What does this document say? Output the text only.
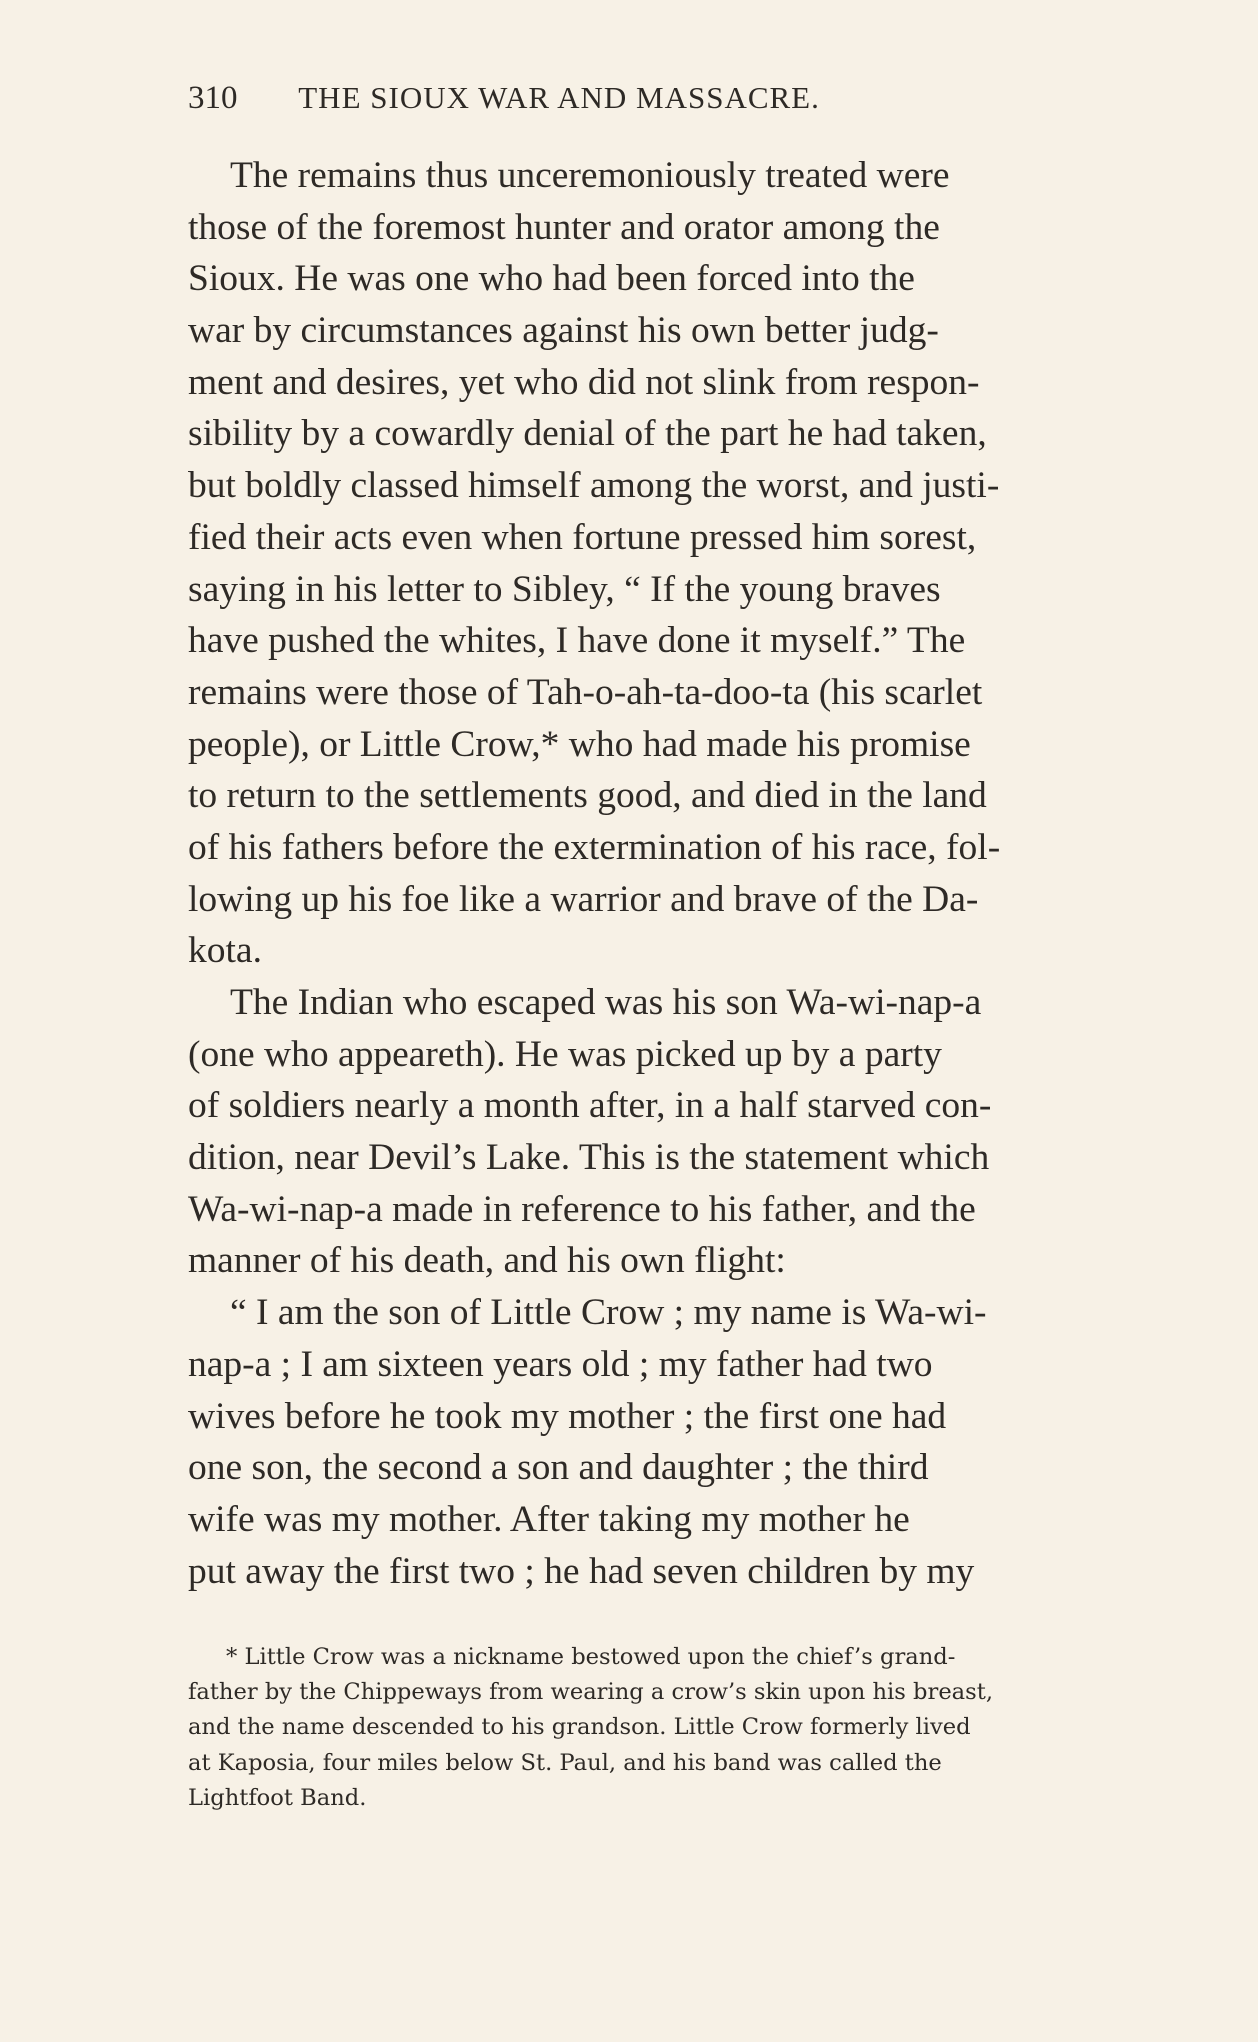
310 THE SIOUX WAR AND MASSACRE.
The remains thus unceremoniously treated were
those of the foremost hunter and orator among the
Sioux. He was one who had been forced into the
war by circumstances against his own better judg-
ment and desires, yet who did not slink from respon-
sibility by a cowardly denial of the part he had taken,
but boldly classed himself among the worst, and justi-
fied their acts even when fortune pressed him sorest,
saying in his letter to Sibley, “ If the young braves
have pushed the whites, I have done it myself.” The
remains were those of Tah-o-ah-ta-doo-ta (his scarlet
people), or Little Crow,* who had made his promise
to return to the settlements good, and died in the land
of his fathers before the extermination of his race, fol-
lowing up his foe like a warrior and brave of the Da-
kota.
The Indian who escaped was his son Wa-wi-nap-a
(one who appeareth). He was picked up by a party
of soldiers nearly a month after, in a half starved con-
dition, near Devil’s Lake. This is the statement which
Wa-wi-nap-a made in reference to his father, and the
manner of his death, and his own flight:
“ I am the son of Little Crow ; my name is Wa-wi-
nap-a ; I am sixteen years old ; my father had two
wives before he took my mother ; the first one had
one son, the second a son and daughter ; the third
wife was my mother. After taking my mother he
put away the first two ; he had seven children by my
* Little Crow was a nickname bestowed upon the chief’s grand-
father by the Chippeways from wearing a crow’s skin upon his breast,
and the name descended to his grandson. Little Crow formerly lived
at Kaposia, four miles below St. Paul, and his band was called the
Lightfoot Band.
